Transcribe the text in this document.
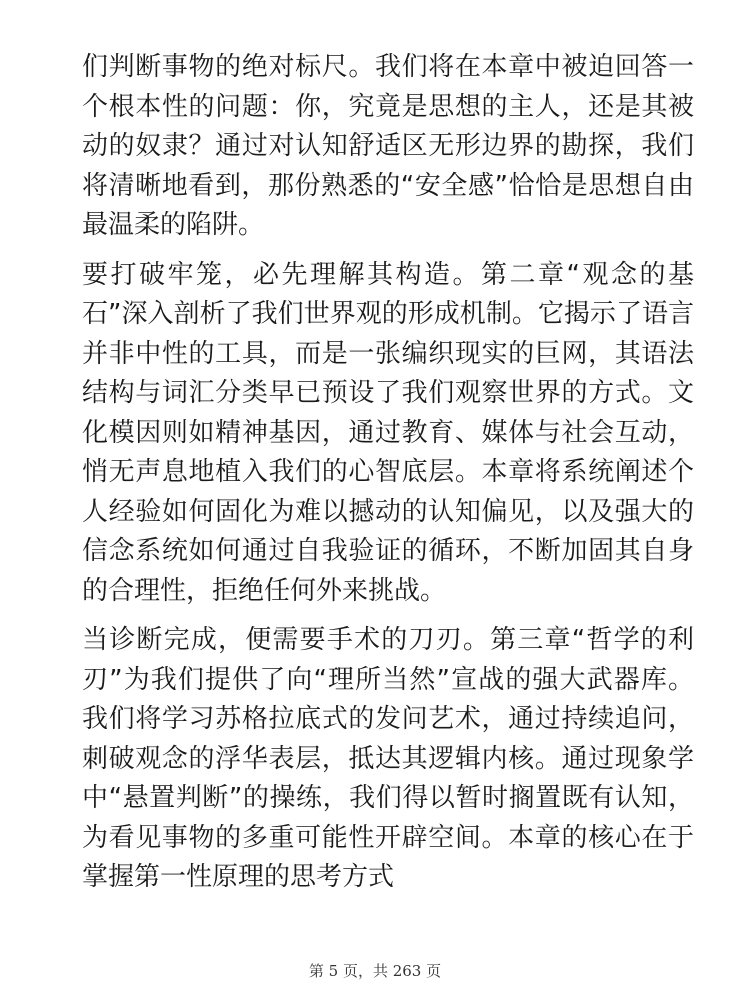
们判断事物的绝对标尺。我们将在本章中被迫回答一个根本性的问题：你，究竟是思想的主人，还是其被动的奴隶？通过对认知舒适区无形边界的勘探，我们将清晰地看到，那份熟悉的“安全感”恰恰是思想自由最温柔的陷阱。

要打破牢笼，必先理解其构造。第二章“观念的基石”深入剖析了我们世界观的形成机制。它揭示了语言并非中性的工具，而是一张编织现实的巨网，其语法结构与词汇分类早已预设了我们观察世界的方式。文化模因则如精神基因，通过教育、媒体与社会互动，悄无声息地植入我们的心智底层。本章将系统阐述个人经验如何固化为难以撼动的认知偏见，以及强大的信念系统如何通过自我验证的循环，不断加固其自身的合理性，拒绝任何外来挑战。

当诊断完成，便需要手术的刀刃。第三章“哲学的利刃”为我们提供了向“理所当然”宣战的强大武器库。我们将学习苏格拉底式的发问艺术，通过持续追问，刺破观念的浮华表层，抵达其逻辑内核。通过现象学中“悬置判断”的操练，我们得以暂时搁置既有认知，为看见事物的多重可能性开辟空间。本章的核心在于掌握第一性原理的思考方式

第 5 页，共 263 页
